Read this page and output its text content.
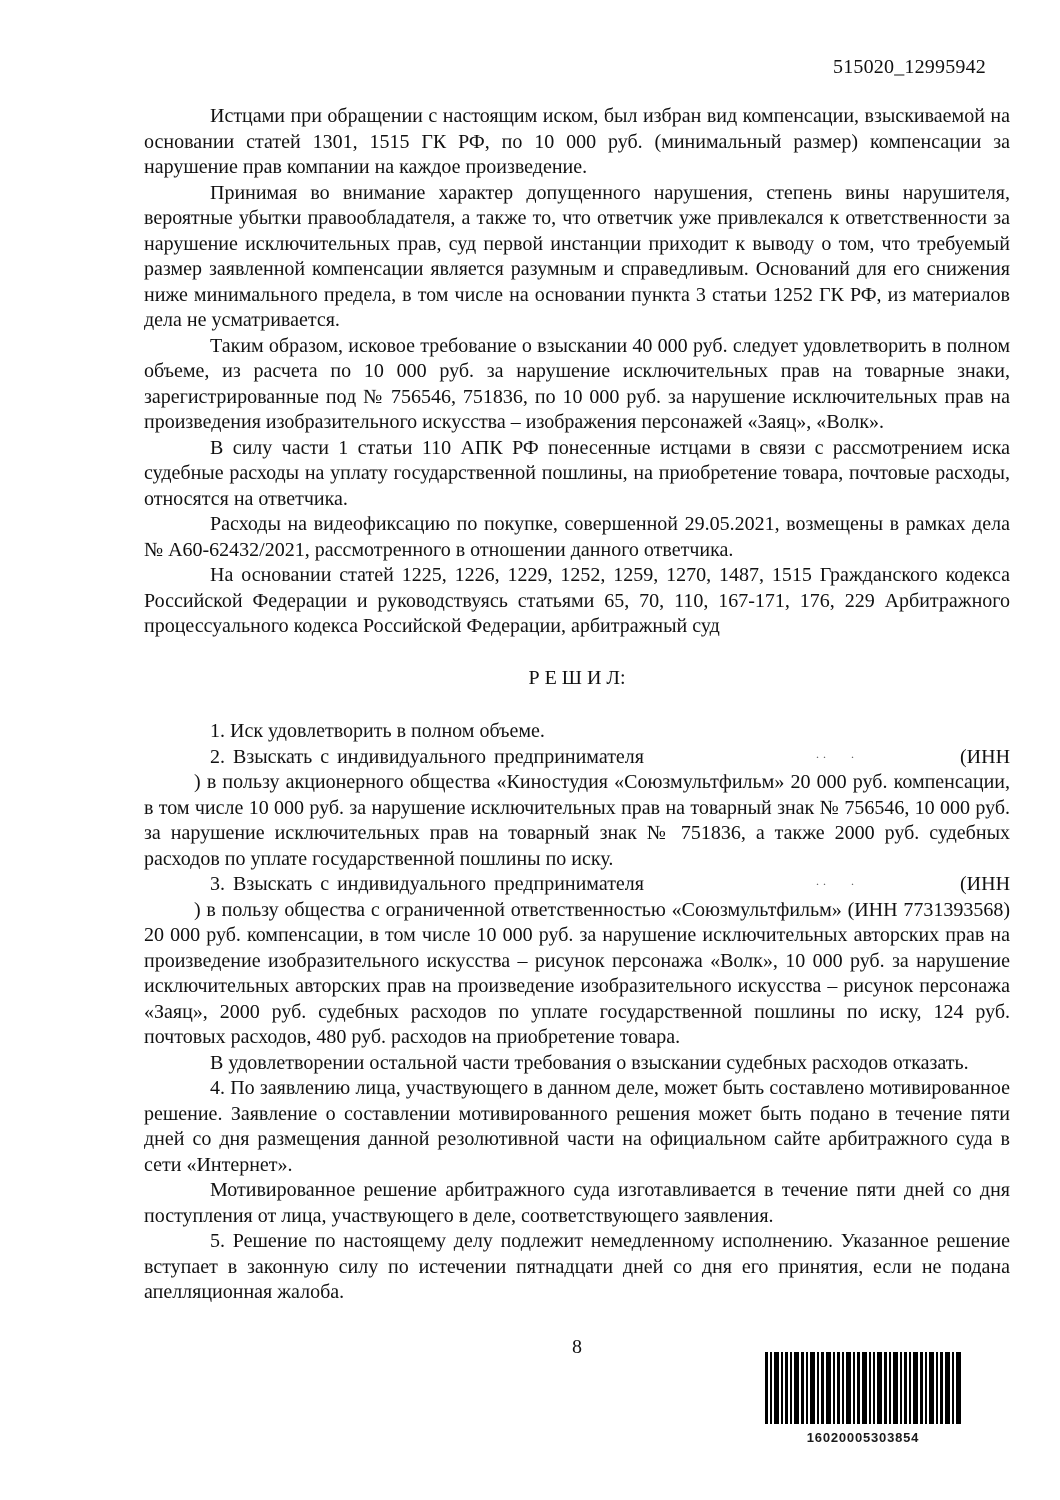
515020_12995942

Истцами при обращении с настоящим иском, был избран вид компенсации, взыскиваемой на основании статей 1301, 1515 ГК РФ, по 10 000 руб. (минимальный размер) компенсации за нарушение прав компании на каждое произведение.

Принимая во внимание характер допущенного нарушения, степень вины нарушителя, вероятные убытки правообладателя, а также то, что ответчик уже привлекался к ответственности за нарушение исключительных прав, суд первой инстанции приходит к выводу о том, что требуемый размер заявленной компенсации является разумным и справедливым. Оснований для его снижения ниже минимального предела, в том числе на основании пункта 3 статьи 1252 ГК РФ, из материалов дела не усматривается.

Таким образом, исковое требование о взыскании 40 000 руб. следует удовлетворить в полном объеме, из расчета по 10 000 руб. за нарушение исключительных прав на товарные знаки, зарегистрированные под № 756546, 751836, по 10 000 руб. за нарушение исключительных прав на произведения изобразительного искусства – изображения персонажей «Заяц», «Волк».

В силу части 1 статьи 110 АПК РФ понесенные истцами в связи с рассмотрением иска судебные расходы на уплату государственной пошлины, на приобретение товара, почтовые расходы, относятся на ответчика.

Расходы на видеофиксацию по покупке, совершенной 29.05.2021, возмещены в рамках дела № А60-62432/2021, рассмотренного в отношении данного ответчика.

На основании статей 1225, 1226, 1229, 1252, 1259, 1270, 1487, 1515 Гражданского кодекса Российской Федерации и руководствуясь статьями 65, 70, 110, 167-171, 176, 229 Арбитражного процессуального кодекса Российской Федерации, арбитражный суд

Р Е Ш И Л:

1. Иск удовлетворить в полном объеме.

2. Взыскать с индивидуального предпринимателя	· ·        ·	(ИНН ) в пользу акционерного общества «Киностудия «Союзмультфильм» 20 000 руб. компенсации, в том числе 10 000 руб. за нарушение исключительных прав на товарный знак № 756546, 10 000 руб. за нарушение исключительных прав на товарный знак № 751836, а также 2000 руб. судебных расходов по уплате государственной пошлины по иску.

3. Взыскать с индивидуального предпринимателя	· ·        ·	(ИНН ) в пользу общества с ограниченной ответственностью «Союзмультфильм» (ИНН 7731393568) 20 000 руб. компенсации, в том числе 10 000 руб. за нарушение исключительных авторских прав на произведение изобразительного искусства – рисунок персонажа «Волк», 10 000 руб. за нарушение исключительных авторских прав на произведение изобразительного искусства – рисунок персонажа «Заяц», 2000 руб. судебных расходов по уплате государственной пошлины по иску, 124 руб. почтовых расходов, 480 руб. расходов на приобретение товара.

В удовлетворении остальной части требования о взыскании судебных расходов отказать.

4. По заявлению лица, участвующего в данном деле, может быть составлено мотивированное решение. Заявление о составлении мотивированного решения может быть подано в течение пяти дней со дня размещения данной резолютивной части на официальном сайте арбитражного суда в сети «Интернет».

Мотивированное решение арбитражного суда изготавливается в течение пяти дней со дня поступления от лица, участвующего в деле, соответствующего заявления.

5. Решение по настоящему делу подлежит немедленному исполнению. Указанное решение вступает в законную силу по истечении пятнадцати дней со дня его принятия, если не подана апелляционная жалоба.

8
16020005303854
